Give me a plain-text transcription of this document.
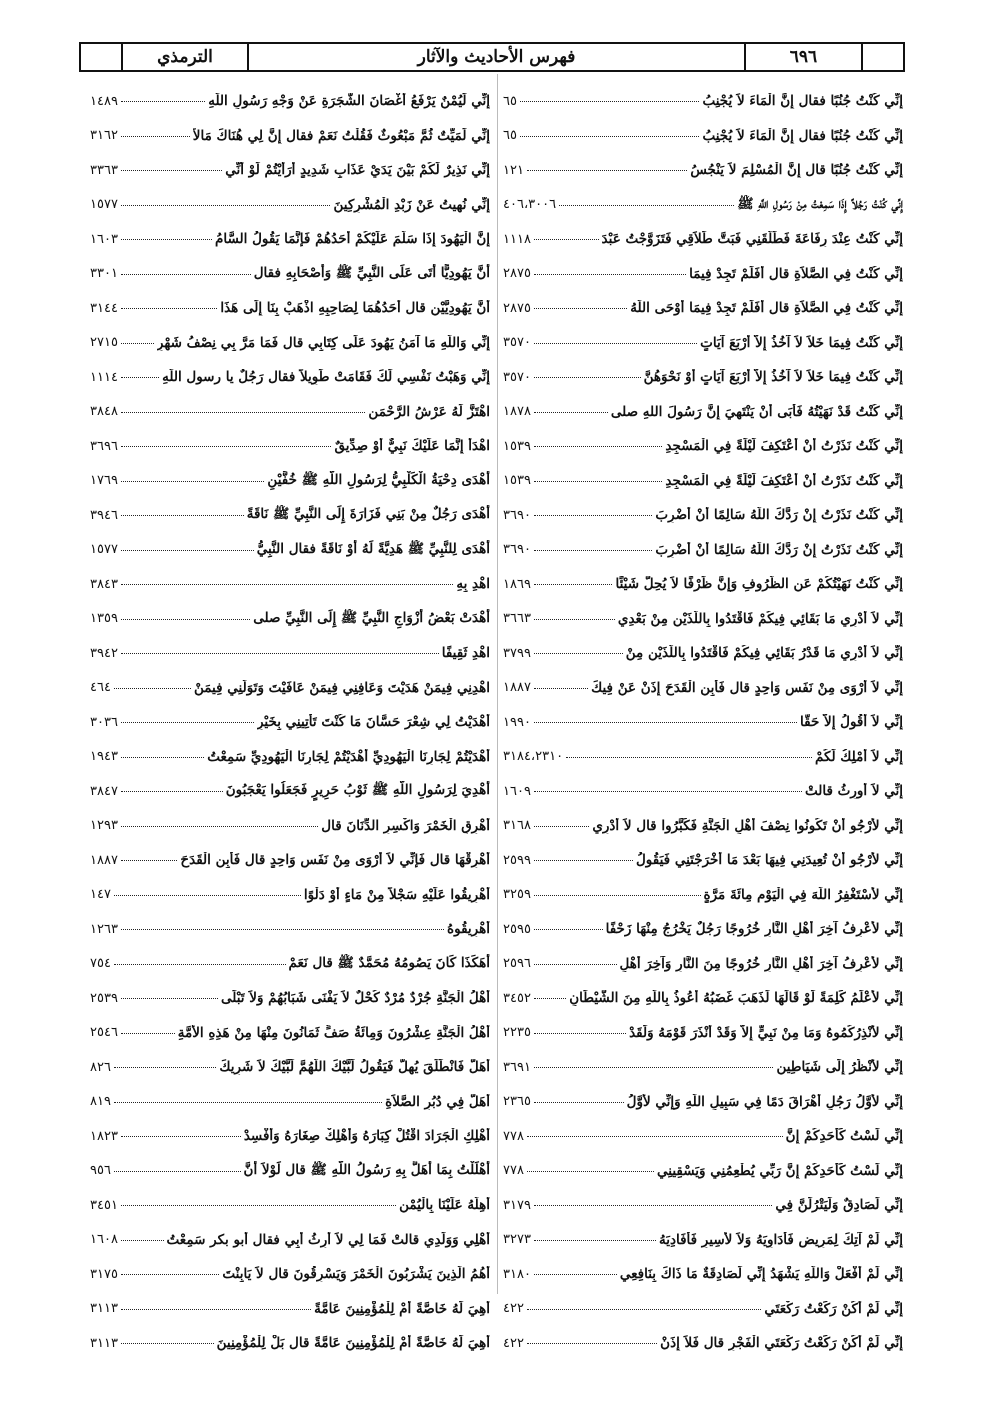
٦٩٦
فهرس الأحاديث والآثار
الترمذي
إِنِّي كُنْتُ جُنُبًا فقال إِنَّ الْمَاءَ لاَ يُجْنِبُ
٦٥
إِنِّي كُنْتُ جُنُبًا فقال إِنَّ الْمَاءَ لاَ يُجْنِبُ
٦٥
إِنِّي كُنْتُ جُنُبًا قال إِنَّ الْمُسْلِمَ لاَ يَنْجُسُ
١٢١
إِنِّي كُنْتُ رَجُلاً إِذَا سَمِعْتُ مِنْ رَسُولِ اللَّهِ ﷺ
٤٠٦،٣٠٠٦
إِنِّي كُنْتُ عِنْدَ رِفَاعَةَ فَطَلَّقَنِي فَبَتَّ طَلاَقِي فَتَزَوَّجْتُ عَبْدَ
١١١٨
إِنِّي كُنْتُ فِي الصَّلاَةِ قال أَفَلَمْ تَجِدْ فِيمَا
٢٨٧٥
إِنِّي كُنْتُ فِي الصَّلاَةِ قال أَفَلَمْ تَجِدْ فِيمَا أَوْحَى اللَّهُ
٢٨٧٥
إِنِّي كُنْتُ فِيمَا خَلاَ لاَ آخُذُ إِلاَّ أَرْبَعَ آيَاتٍ
٣٥٧٠
إِنِّي كُنْتُ فِيمَا خَلاَ لاَ آخُذُ إِلاَّ أَرْبَعَ آيَاتٍ أَوْ نَحْوَهُنَّ
٣٥٧٠
إِنِّي كُنْتُ قَدْ نَهَيْتُهُ فَأَبَى أَنْ يَنْتَهِيَ إِنَّ رَسُولَ اللهِ صلى
١٨٧٨
إِنِّي كُنْتُ نَذَرْتُ أَنْ أَعْتَكِفَ لَيْلَةً فِي الْمَسْجِدِ
١٥٣٩
إِنِّي كُنْتُ نَذَرْتُ أَنْ أَعْتَكِفَ لَيْلَةً فِي الْمَسْجِدِ
١٥٣٩
إِنِّي كُنْتُ نَذَرْتُ إِنْ رَدَّكَ اللَّهُ سَالِمًا أَنْ أَضْرِبَ
٣٦٩٠
إِنِّي كُنْتُ نَذَرْتُ إِنْ رَدَّكَ اللَّهُ سَالِمًا أَنْ أَضْرِبَ
٣٦٩٠
إِنِّي كُنْتُ نَهَيْتُكُمْ عَنِ الظُّرُوفِ وَإِنَّ ظَرْفًا لاَ يُحِلُّ شَيْئًا
١٨٦٩
إِنِّي لاَ أَدْرِي مَا بَقَائِي فِيكُمْ فَاقْتَدُوا بِاللَّذَيْنِ مِنْ بَعْدِي
٣٦٦٣
إِنِّي لاَ أَدْرِي مَا قَدْرُ بَقَائِي فِيكُمْ فَاقْتَدُوا بِاللَّذَيْنِ مِنْ
٣٧٩٩
إِنِّي لاَ أَرْوَى مِنْ نَفَسٍ وَاحِدٍ قال فَأَبِنِ الْقَدَحَ إِذَنْ عَنْ فِيكَ
١٨٨٧
إِنِّي لاَ أَقُولُ إِلاَّ حَقًّا
١٩٩٠
إِنِّي لاَ أَمْلِكُ لَكُمْ
٣١٨٤،٢٣١٠
إِنِّي لاَ أُورِثُ قالتْ
١٦٠٩
إِنِّي لأَرْجُو أَنْ تَكُونُوا نِصْفَ أَهْلِ الْجَنَّةِ فَكَبَّرُوا قال لاَ أَدْرِي
٣١٦٨
إِنِّي لأَرْجُو أَنْ تُعِيدَنِي فِيهَا بَعْدَ مَا أَخْرَجْتَنِي فَيَقُولُ
٢٥٩٩
إِنِّي لأَسْتَغْفِرُ اللَّهَ فِي الْيَوْمِ مِائَةَ مَرَّةٍ
٣٢٥٩
إِنِّي لأَعْرِفُ آخِرَ أَهْلِ النَّارِ خُرُوجًا رَجُلٌ يَخْرُجُ مِنْهَا زَحْفًا
٢٥٩٥
إِنِّي لأَعْرِفُ آخِرَ أَهْلِ النَّارِ خُرُوجًا مِنَ النَّارِ وَآخِرَ أَهْلِ
٢٥٩٦
إِنِّي لأَعْلَمُ كَلِمَةً لَوْ قَالَهَا لَذَهَبَ غَضَبُهُ أَعُوذُ بِاللَّهِ مِنَ الشَّيْطَانِ
٣٤٥٢
إِنِّي لأُنْذِرُكُمُوهُ وَمَا مِنْ نَبِيٍّ إِلاَّ وَقَدْ أَنْذَرَ قَوْمَهُ وَلَقَدْ
٢٢٣٥
إِنِّي لأَنْظُرُ إِلَى شَيَاطِينِ
٣٦٩١
إِنِّي لأَوَّلُ رَجُلٍ أَهْرَاقَ دَمًا فِي سَبِيلِ اللَّهِ وَإِنِّي لأَوَّلُ
٢٣٦٥
إِنِّي لَسْتُ كَأَحَدِكُمْ إِنَّ
٧٧٨
إِنِّي لَسْتُ كَأَحَدِكُمْ إِنَّ رَبِّي يُطْعِمُنِي وَيَسْقِينِي
٧٧٨
إِنِّي لَصَادِقٌ وَلَيَتْرُلَنَّ فِي
٣١٧٩
إِنِّي لَمْ آتِكَ لِمَرِيضٍ فَأُدَاوِيَهُ وَلاَ لأَسِيرٍ فَأُفَادِيَهُ
٣٢٧٣
إِنِّي لَمْ أَفْعَلْ وَاللَّهِ يَشْهَدُ إِنِّي لَصَادِقَةٌ مَا ذَاكَ بِنَافِعِي
٣١٨٠
إِنِّي لَمْ أَكُنْ رَكَعْتُ رَكْعَتَيِ
٤٢٢
إِنِّي لَمْ أَكُنْ رَكَعْتُ رَكْعَتَيِ الْفَجْرِ قال فَلاَ إِذَنْ
٤٢٢
إِنِّي لَيُمْنٌ يَرْفَعُ أَغْصَانَ الشَّجَرَةِ عَنْ وَجْهِ رَسُولِ اللَّهِ
١٤٨٩
إِنِّي لَمَيِّتٌ ثُمَّ مَبْعُوثٌ فَقُلْتُ نَعَمْ فقال إِنَّ لِي هُنَاكَ مَالاً
٣١٦٢
إِنِّي نَذِيرٌ لَكُمْ بَيْنَ يَدَيْ عَذَابٍ شَدِيدٍ أَرَأَيْتُمْ لَوْ أَنِّي
٣٣٦٣
إِنِّي نُهِيتُ عَنْ زَبْدِ الْمُشْرِكِينَ
١٥٧٧
إِنَّ الْيَهُودَ إِذَا سَلَّمَ عَلَيْكُمْ أَحَدُهُمْ فَإِنَّمَا يَقُولُ السَّامُ
١٦٠٣
أَنَّ يَهُودِيًّا أَتَى عَلَى النَّبِيِّ ﷺ وَأَصْحَابِهِ فقال
٣٣٠١
أَنَّ يَهُودِيَّيْنِ قال أَحَدُهُمَا لِصَاحِبِهِ اذْهَبْ بِنَا إِلَى هَذَا
٣١٤٤
إِنِّي وَاللَّهِ مَا آمَنُ يَهُودَ عَلَى كِتَابِي قال فَمَا مَرَّ بِي نِصْفُ شَهْرٍ
٢٧١٥
إِنِّي وَهَبْتُ نَفْسِي لَكَ فَقَامَتْ طَوِيلاً فقال رَجُلٌ يا رسول اللَّهِ
١١١٤
اهْتَزَّ لَهُ عَرْشُ الرَّحْمَنِ
٣٨٤٨
اهْدَأْ إِنَّمَا عَلَيْكَ نَبِيٌّ أَوْ صِدِّيقٌ
٣٦٩٦
أَهْدَى دِحْيَةُ الْكَلْبِيُّ لِرَسُولِ اللَّهِ ﷺ خُفَّيْنِ
١٧٦٩
أَهْدَى رَجُلٌ مِنْ بَنِي فَزَارَةَ إِلَى النَّبِيِّ ﷺ نَاقَةً
٣٩٤٦
أَهْدَى لِلنَّبِيِّ ﷺ هَدِيَّةً لَهُ أَوْ نَاقَةً فقال النَّبِيُّ
١٥٧٧
اهْدِ بِهِ
٣٨٤٣
أَهْدَتْ بَعْضُ أَزْوَاجِ النَّبِيِّ ﷺ إِلَى النَّبِيِّ صلى
١٣٥٩
اهْدِ ثَقِيفًا
٣٩٤٢
اهْدِنِي فِيمَنْ هَدَيْتَ وَعَافِنِي فِيمَنْ عَافَيْتَ وَتَوَلَّنِي فِيمَنْ
٤٦٤
أَهْدَيْتُ لِي شِعْرَ حَسَّانَ مَا كُنْتَ تَأْتِينِي بِخَيْرٍ
٣٠٣٦
أَهْدَيْتُمْ لِجَارِنَا الْيَهُودِيِّ أَهْدَيْتُمْ لِجَارِنَا الْيَهُودِيِّ سَمِعْتُ
١٩٤٣
أُهْدِيَ لِرَسُولِ اللَّهِ ﷺ ثَوْبُ حَرِيرٍ فَجَعَلُوا يَعْجَبُونَ
٣٨٤٧
أَهْرِقِ الْخَمْرَ وَاكْسِرِ الدِّنَانَ قال
١٢٩٣
أَهْرِقْهَا قال فَإِنِّي لاَ أَرْوَى مِنْ نَفَسٍ وَاحِدٍ قال فَأَبِنِ الْقَدَحَ
١٨٨٧
أَهْرِيقُوا عَلَيْهِ سَجْلاً مِنْ مَاءٍ أَوْ دَلْوًا
١٤٧
أَهْرِيقُوهُ
١٢٦٣
أَهَكَذَا كَانَ يَصُومُهُ مُحَمَّدٌ ﷺ قال نَعَمْ
٧٥٤
أَهْلُ الْجَنَّةِ جُرْدٌ مُرْدٌ كُحْلٌ لاَ يَفْنَى شَبَابُهُمْ وَلاَ تَبْلَى
٢٥٣٩
أَهْلُ الْجَنَّةِ عِشْرُونَ وَمِائَةُ صَفٍّ ثَمَانُونَ مِنْهَا مِنْ هَذِهِ الأُمَّةِ
٢٥٤٦
أَهَلَّ فَانْطَلَقَ يُهِلُّ فَيَقُولُ لَبَّيْكَ اللَّهُمَّ لَبَّيْكَ لاَ شَرِيكَ
٨٢٦
أَهَلَّ فِي دُبُرِ الصَّلاَةِ
٨١٩
أَهْلِكِ الْجَرَادَ اقْتُلْ كِبَارَهُ وَأَهْلِكْ صِغَارَهُ وَأَفْسِدْ
١٨٢٣
أَهْلَلْتُ بِمَا أَهَلَّ بِهِ رَسُولُ اللَّهِ ﷺ قال لَوْلاَ أَنَّ
٩٥٦
أَهِلَّهُ عَلَيْنَا بِالْيُمْنِ
٣٤٥١
أَهْلِي وَوَلَدِي قالتْ فَمَا لِي لاَ أَرِثُ أَبِي فقال أبو بكر سَمِعْتُ
١٦٠٨
أَهُمُ الَّذِينَ يَشْرَبُونَ الْخَمْرَ وَيَسْرِقُونَ قال لاَ يَابِنْتَ
٣١٧٥
أَهِيَ لَهُ خَاصَّةً أَمْ لِلْمُؤْمِنِينَ عَامَّةً
٣١١٣
أَهِيَ لَهُ خَاصَّةً أَمْ لِلْمُؤْمِنِينَ عَامَّةً قال بَلْ لِلْمُؤْمِنِينَ
٣١١٣
